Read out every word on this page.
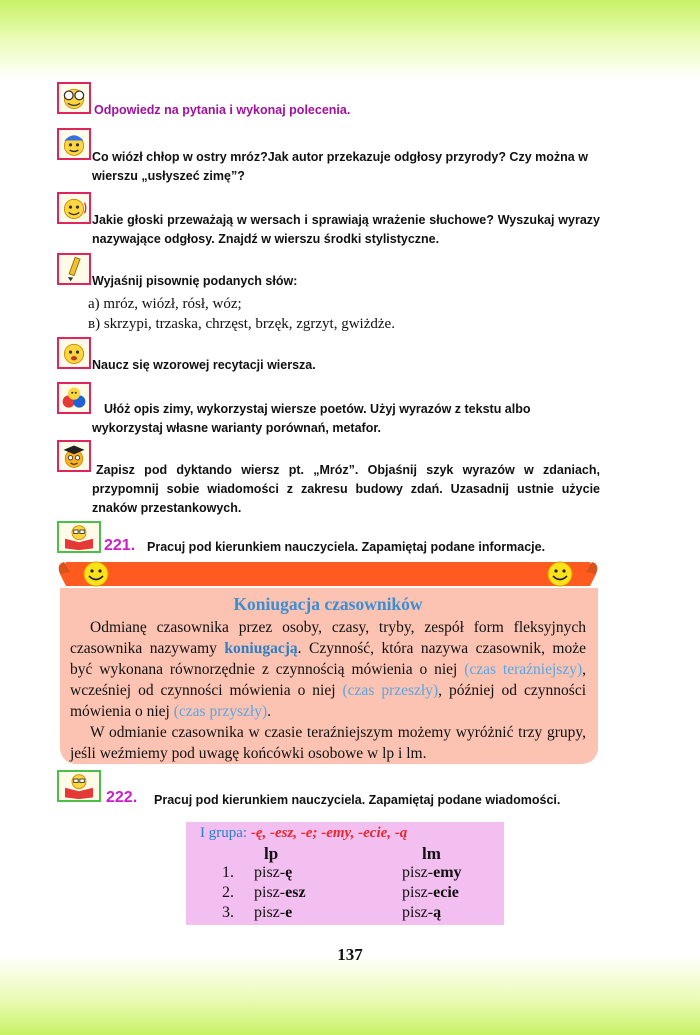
Odpowiedz na pytania i wykonaj polecenia.
Co wiózł chłop w ostry mróz?Jak autor przekazuje odgłosy przyrody? Czy można w wierszu „usłyszeć zimę”?
Jakie głoski przeważają w wersach i sprawiają wrażenie słuchowe? Wyszukaj wyrazy nazywające odgłosy. Znajdź w wierszu środki stylistyczne.
Wyjaśnij pisownię podanych słów:
а) mróz, wiózł, rósł, wóz;
в) skrzypi, trzaska, chrzęst, brzęk, zgrzyt, gwiżdże.
Naucz się wzorowej recytacji wiersza.
Ułóż opis zimy, wykorzystaj wiersze poetów. Użyj wyrazów z tekstu albo wykorzystaj własne warianty porównań, metafor.
Zapisz pod dyktando wiersz pt. „Mróz”. Objaśnij szyk wyrazów w zdaniach, przypomnij sobie wiadomości z zakresu budowy zdań. Uzasadnij ustnie użycie znaków przestankowych.
221. Pracuj pod kierunkiem nauczyciela. Zapamiętaj podane informacje.
Koniugacja czasowników

Odmianę czasownika przez osoby, czasy, tryby, zespół form fleksyjnych czasownika nazywamy koniugacją. Czynność, która nazywa czasownik, może być wykonana równorzędnie z czynnością mówienia o niej (czas teraźniejszy), wcześniej od czynności mówienia o niej (czas przeszły), później od czynności mówienia o niej (czas przyszły).

W odmianie czasownika w czasie teraźniejszym możemy wyróżnić trzy grupy, jeśli weźmiemy pod uwagę końcówki osobowe w lp i lm.

222.	Pracuj pod kierunkiem nauczyciela. Zapamiętaj podane wiadomości.
I grupa: -ę, -esz, -e; -emy, -ecie, -ą
lp	lm
1. pisz-ę	pisz-emy
2. pisz-esz	pisz-ecie
3. pisz-e	pisz-ą
137
